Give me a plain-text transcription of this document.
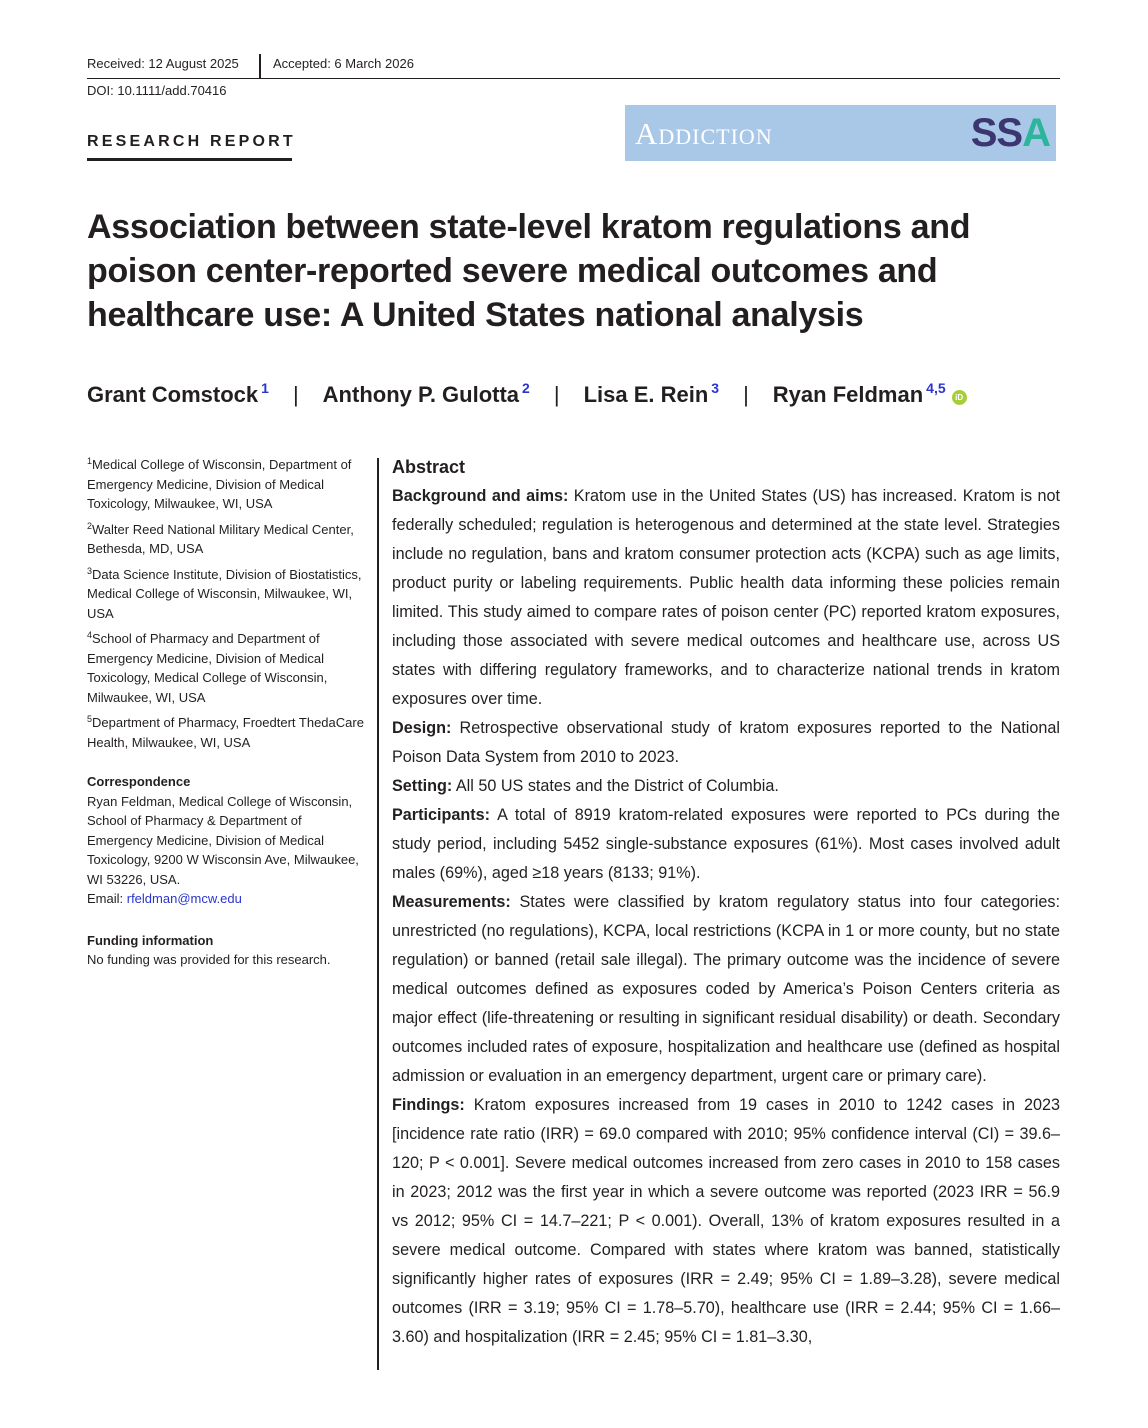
Received: 12 August 2025	Accepted: 6 March 2026
DOI: 10.1111/add.70416
RESEARCH REPORT	Addiction	SSA
Association between state-level kratom regulations and poison center-reported severe medical outcomes and healthcare use: A United States national analysis
Grant Comstock $^1$ | Anthony P. Gulotta $^2$ | Lisa E. Rein $^3$ | Ryan Feldman $^{4,5}$iD
$^1$Medical College of Wisconsin, Department of Emergency Medicine, Division of Medical Toxicology, Milwaukee, WI, USA
$^2$Walter Reed National Military Medical Center, Bethesda, MD, USA
$^3$Data Science Institute, Division of Biostatistics, Medical College of Wisconsin, Milwaukee, WI, USA
$^4$School of Pharmacy and Department of Emergency Medicine, Division of Medical Toxicology, Medical College of Wisconsin, Milwaukee, WI, USA
$^5$Department of Pharmacy, Froedtert ThedaCare Health, Milwaukee, WI, USA
Correspondence
Ryan Feldman, Medical College of Wisconsin, School of Pharmacy & Department of Emergency Medicine, Division of Medical Toxicology, 9200 W Wisconsin Ave, Milwaukee, WI 53226, USA.
Email: rfeldman@mcw.edu
Funding information
No funding was provided for this research.
Abstract

Background and aims: Kratom use in the United States (US) has increased. Kratom is not federally scheduled; regulation is heterogenous and determined at the state level. Strategies include no regulation, bans and kratom consumer protection acts (KCPA) such as age limits, product purity or labeling requirements. Public health data informing these policies remain limited. This study aimed to compare rates of poison center (PC) reported kratom exposures, including those associated with severe medical outcomes and healthcare use, across US states with differing regulatory frameworks, and to characterize national trends in kratom exposures over time.

Design: Retrospective observational study of kratom exposures reported to the National Poison Data System from 2010 to 2023.

Setting: All 50 US states and the District of Columbia.

Participants: A total of 8919 kratom-related exposures were reported to PCs during the study period, including 5452 single-substance exposures (61%). Most cases involved adult males (69%), aged ≥18 years (8133; 91%).

Measurements: States were classified by kratom regulatory status into four categories: unrestricted (no regulations), KCPA, local restrictions (KCPA in 1 or more county, but no state regulation) or banned (retail sale illegal). The primary outcome was the incidence of severe medical outcomes defined as exposures coded by America’s Poison Centers criteria as major effect (life-threatening or resulting in significant residual disability) or death. Secondary outcomes included rates of exposure, hospitalization and healthcare use (defined as hospital admission or evaluation in an emergency department, urgent care or primary care).

Findings: Kratom exposures increased from 19 cases in 2010 to 1242 cases in 2023 [incidence rate ratio (IRR) = 69.0 compared with 2010; 95% confidence interval (CI) = 39.6–120; P < 0.001]. Severe medical outcomes increased from zero cases in 2010 to 158 cases in 2023; 2012 was the first year in which a severe outcome was reported (2023 IRR = 56.9 vs 2012; 95% CI = 14.7–221; P < 0.001). Overall, 13% of kratom exposures resulted in a severe medical outcome. Compared with states where kratom was banned, statistically significantly higher rates of exposures (IRR = 2.49; 95% CI = 1.89–3.28), severe medical outcomes (IRR = 3.19; 95% CI = 1.78–5.70), healthcare use (IRR = 2.44; 95% CI = 1.66–3.60) and hospitalization (IRR = 2.45; 95% CI = 1.81–3.30,
